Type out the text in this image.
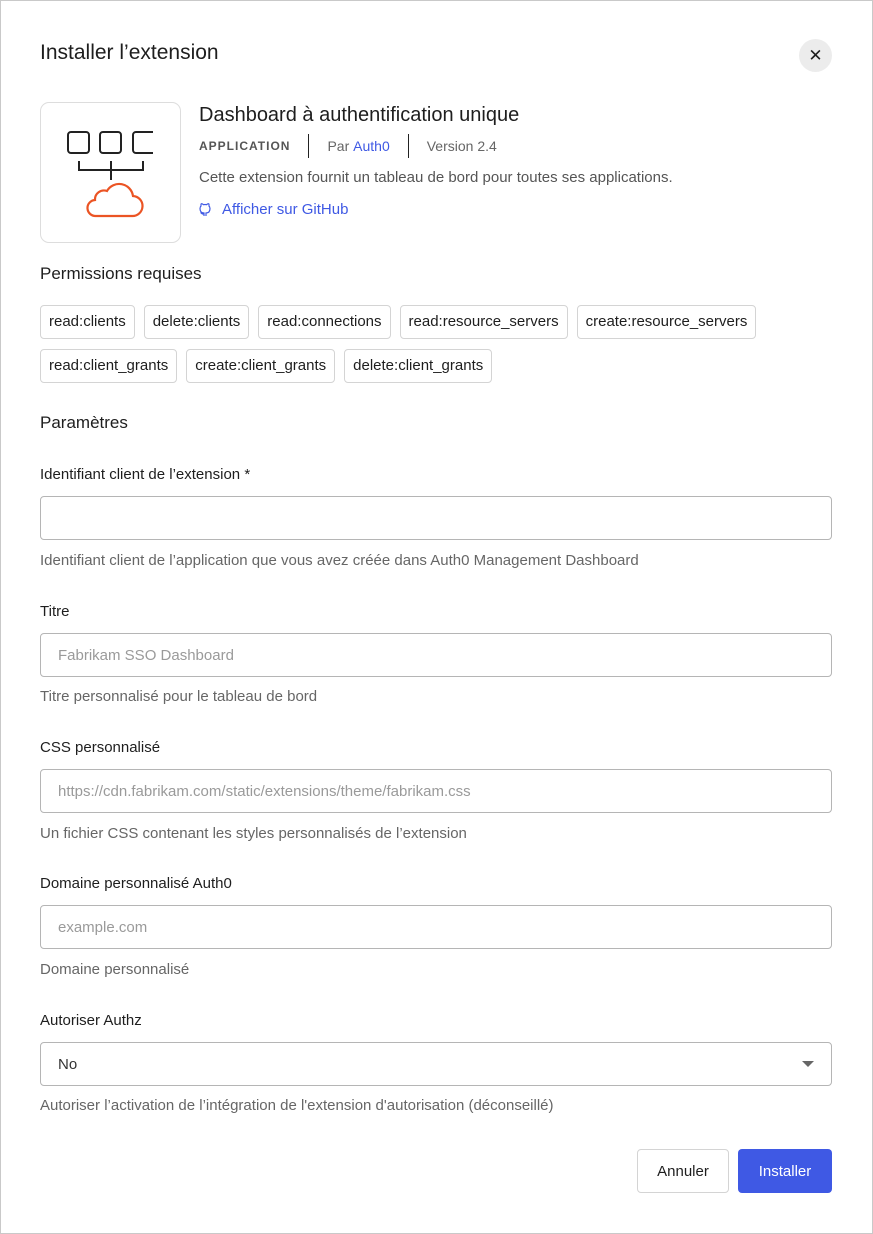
Installer l’extension	✕
Dashboard à authentification unique
APPLICATION	Par
Auth0	Version 2.4
Cette extension fournit un tableau de bord pour toutes ses applications.
Afficher sur GitHub
Permissions requises
read:clients	delete:clients	read:connections	read:resource_servers	create:resource_servers
read:client_grants	create:client_grants	delete:client_grants
Paramètres
Identifiant client de l’extension *
Identifiant client de l’application que vous avez créée dans Auth0 Management Dashboard
Titre
Fabrikam SSO Dashboard
Titre personnalisé pour le tableau de bord
CSS personnalisé
https://cdn.fabrikam.com/static/extensions/theme/fabrikam.css
Un fichier CSS contenant les styles personnalisés de l’extension
Domaine personnalisé Auth0
example.com
Domaine personnalisé
Autoriser Authz
No
Autoriser l’activation de l’intégration de l'extension d'autorisation (déconseillé)
Annuler	Installer
